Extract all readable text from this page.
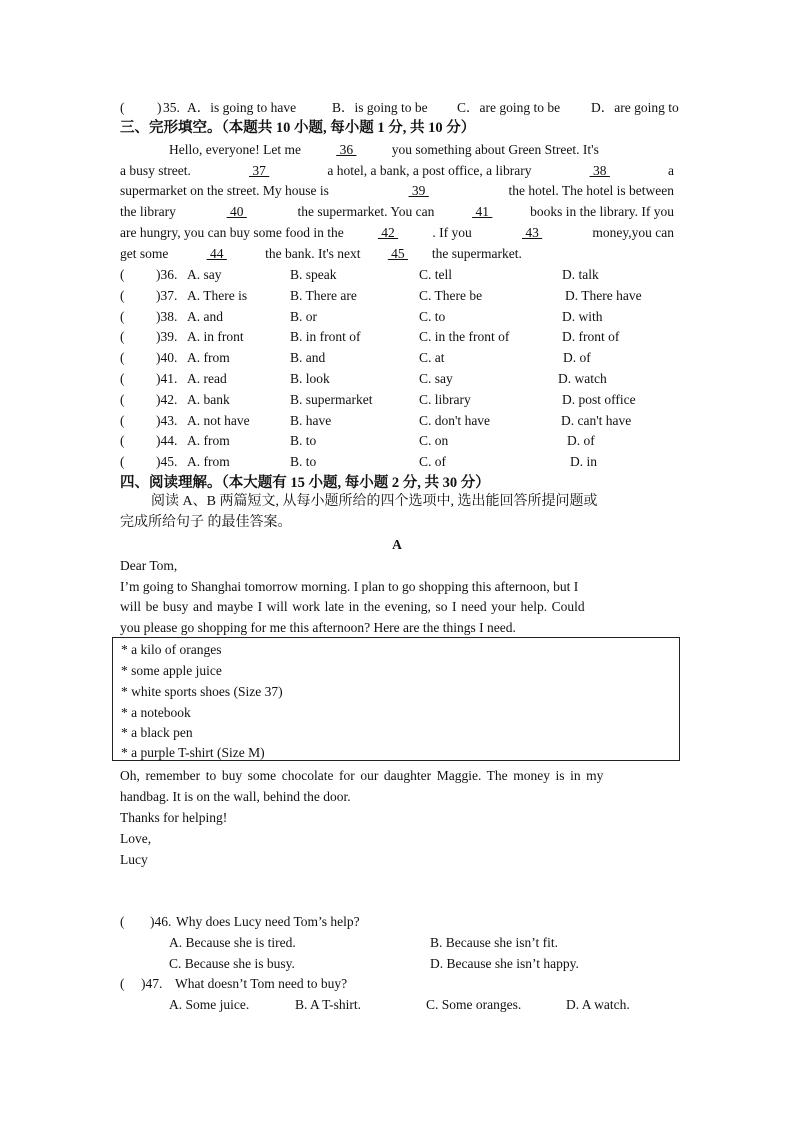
( ) 35. A．is going to have	B．is going to be C．are going to be D．are going to
三、完形填空。（本题共 10 小题, 每小题 1 分, 共 10 分）
Hello, everyone! Let me	36	you something about Green Street. It's
a busy street.	37	a hotel, a bank, a post office, a library	38	a
supermarket on the street. My house is	39	the hotel. The hotel is between
the library	40	the supermarket. You can	41	books in the library. If you
are hungry, you can buy some food in the	42	. If you	43	money,you can
get some	44	the bank. It's next  45 the supermarket.
( )36. A. say	B. speak	C. tell	D. talk
( )37. A. There is	B. There are	C. There be	D. There have
( )38. A. and	B. or	C. to	D. with
( )39. A. in front	B. in front of	C. in the front of	D. front of
( )40. A. from	B. and	C. at	D. of
( )41. A. read	B. look	C. say	D. watch
( )42. A. bank	B. supermarket	C. library	D. post office
( )43. A. not have	B. have	C. don't have	D. can't have
( )44. A. from	B. to	C. on	D. of
( )45. A. from	B. to	C. of	D. in
四、阅读理解。（本大题有 15 小题, 每小题 2 分, 共 30 分）
阅读 A、B 两篇短文, 从每小题所给的四个选项中, 选出能回答所提问题或
完成所给句子 的最佳答案。
A
Dear Tom,
I’m going to Shanghai tomorrow morning. I plan to go shopping this afternoon, but I
will be busy and maybe I will work late in the evening, so I need your help. Could
you please go shopping for me this afternoon? Here are the things I need.
* a kilo of oranges
* some apple juice
* white sports shoes (Size 37)
* a notebook
* a black pen
* a purple T-shirt (Size M)
Oh, remember to buy some chocolate for our daughter Maggie. The money is in my
handbag. It is on the wall, behind the door.
Thanks for helping!
Love,
Lucy
( )46. Why does Lucy need Tom’s help?
A. Because she is tired.	B. Because she isn’t fit.
C. Because she is busy.	D. Because she isn’t happy.
( )47. What doesn’t Tom need to buy?
A. Some juice.	B. A T-shirt.	C. Some oranges.	D. A watch.
